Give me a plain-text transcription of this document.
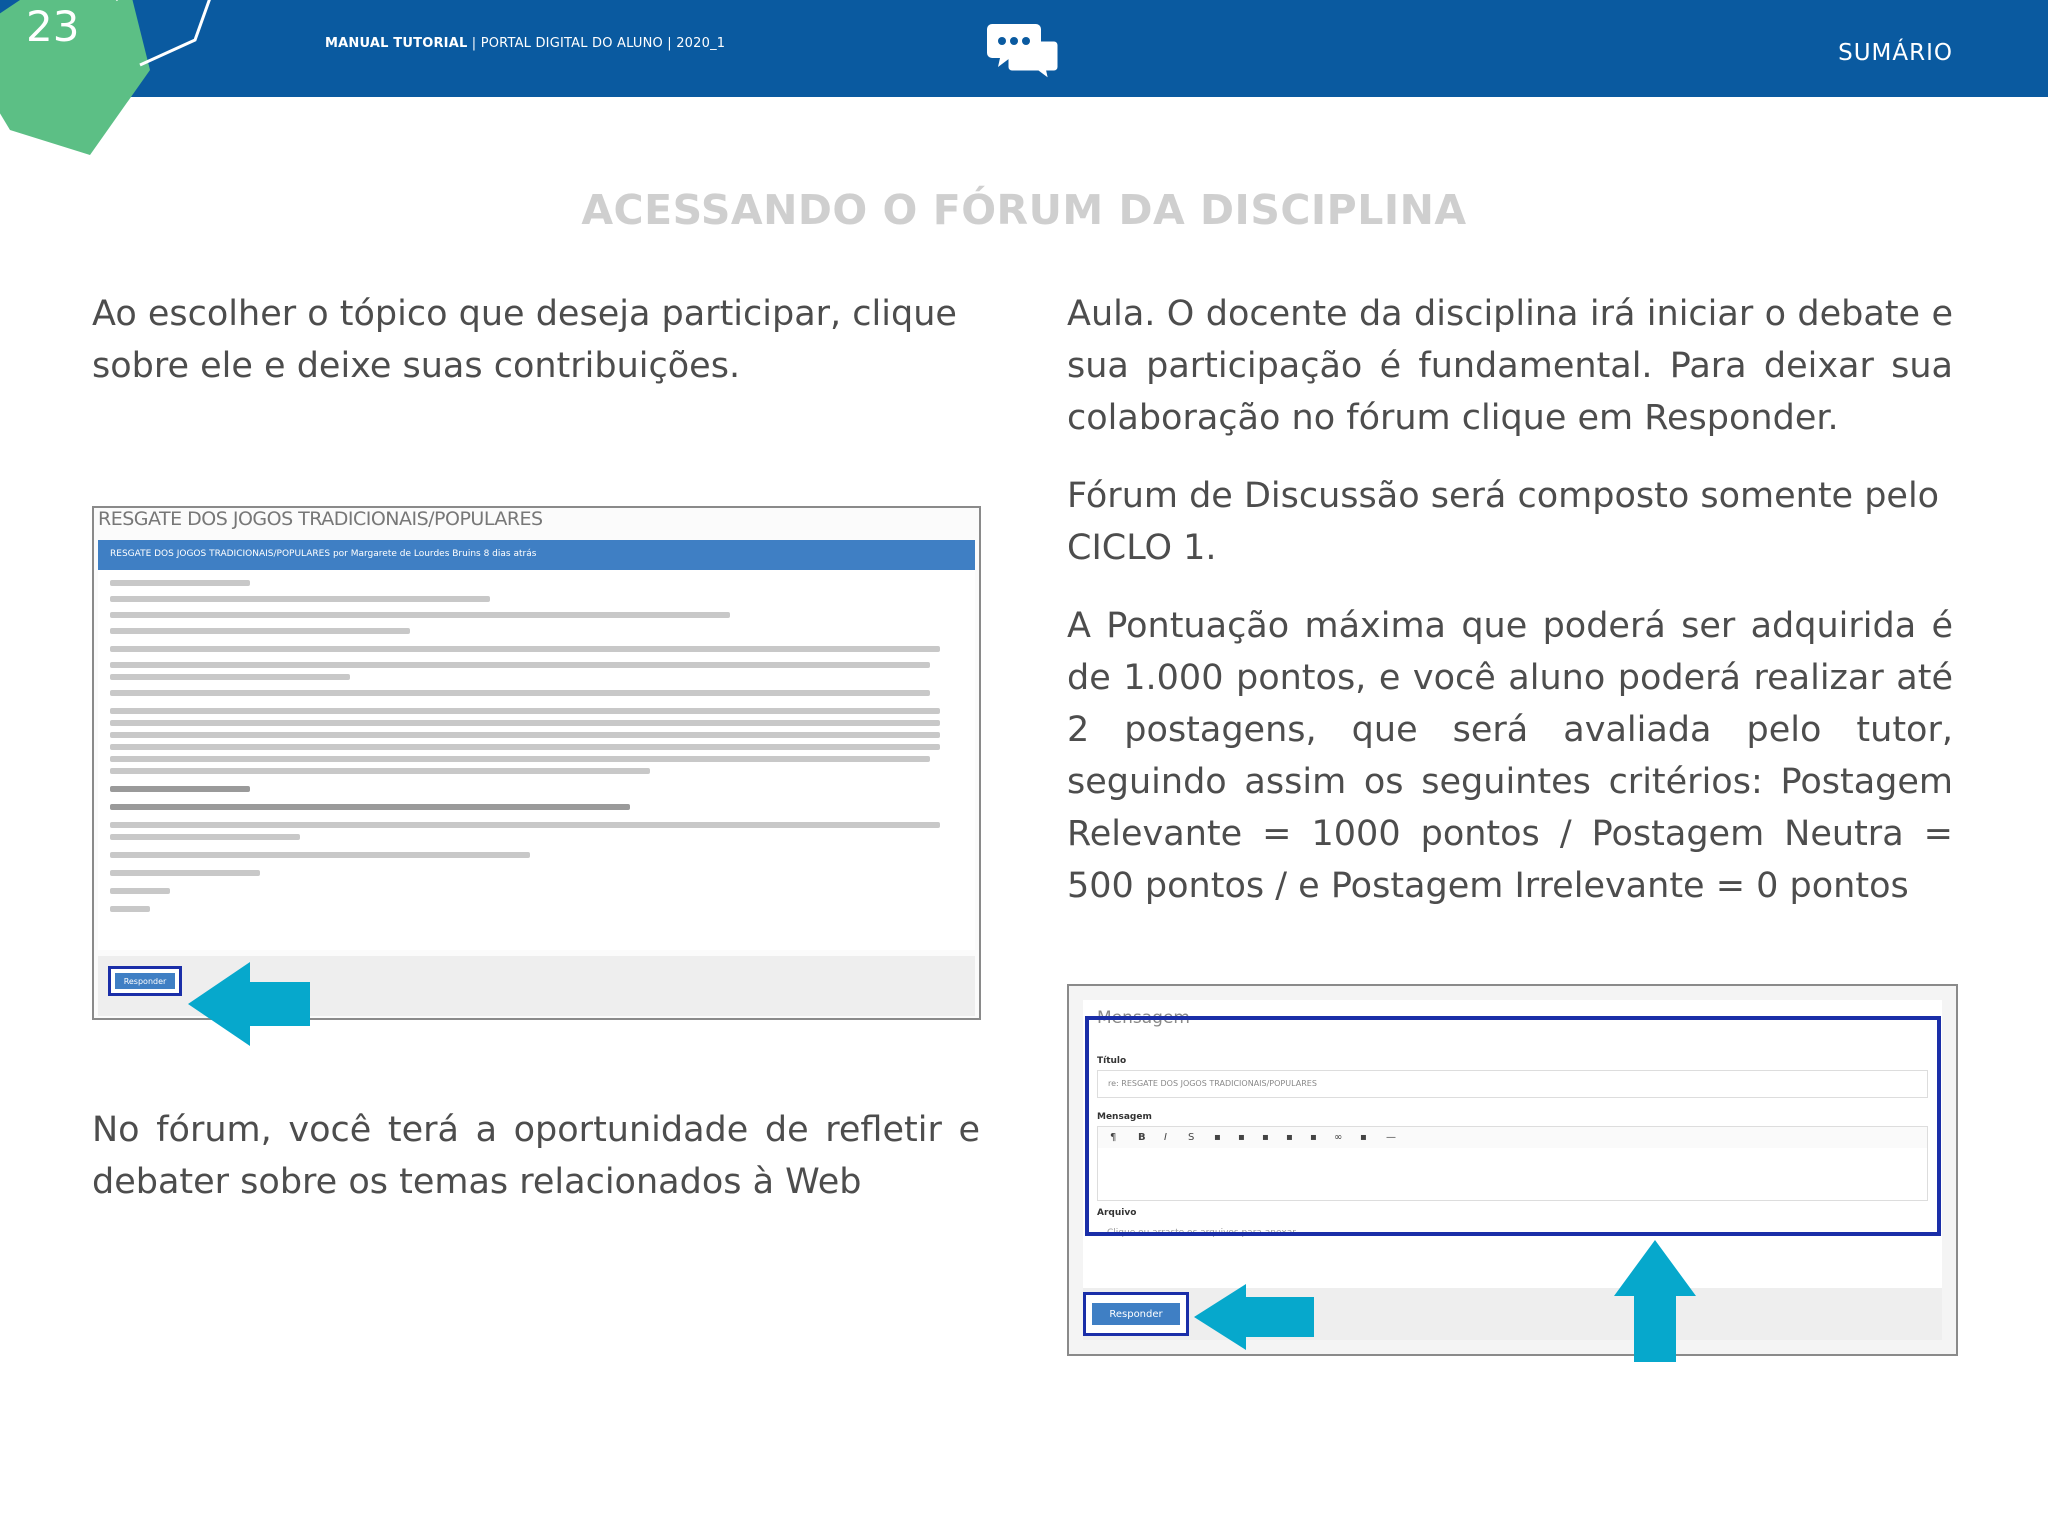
23	MANUAL TUTORIAL | PORTAL DIGITAL DO ALUNO | 2020_1	SUMÁRIO
ACESSANDO O FÓRUM DA DISCIPLINA

Ao escolher o tópico que deseja participar, clique sobre ele e deixe suas contribuições.

RESGATE DOS JOGOS TRADICIONAIS/POPULARES
RESGATE DOS JOGOS TRADICIONAIS/POPULARES por Margarete de Lourdes Bruins 8 dias atrás
Responder

No fórum, você terá a oportunidade de refletir e debater sobre os temas relacionados à Web

Aula. O docente da disciplina irá iniciar o debate e sua participação é fundamental. Para deixar sua colaboração no fórum clique em Responder.

Fórum de Discussão será composto somente pelo CICLO 1.

A Pontuação máxima que poderá ser adquirida é de 1.000 pontos, e você aluno poderá realizar até 2 postagens, que será avaliada pelo tutor, seguindo assim os seguintes critérios: Postagem Relevante = 1000 pontos / Postagem Neutra = 500 pontos / e Postagem Irrelevante = 0 pontos

Mensagem
Título
re: RESGATE DOS JOGOS TRADICIONAIS/POPULARES
Mensagem
¶ B I S ▪ ▪ ▪ ▪ ▪ ∞ ▪ —
Arquivo
Clique ou arraste os arquivos para anexar
Responder
